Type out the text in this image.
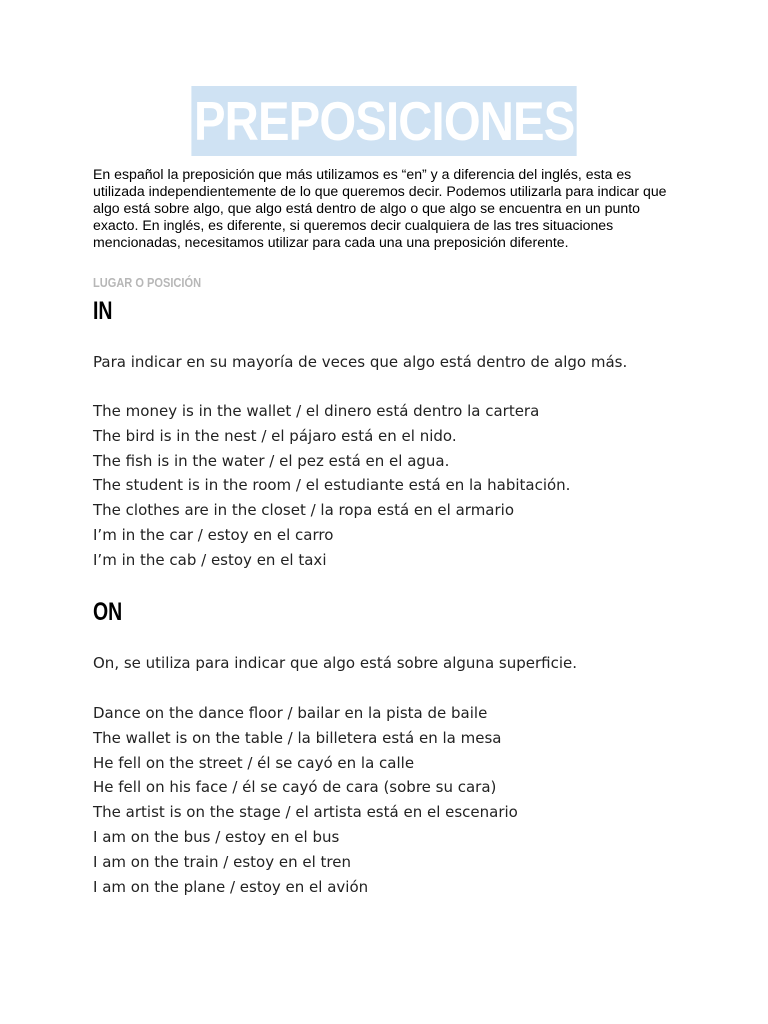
PREPOSICIONES

En español la preposición que más utilizamos es “en” y a diferencia del inglés, esta es utilizada independientemente de lo que queremos decir. Podemos utilizarla para indicar que algo está sobre algo, que algo está dentro de algo o que algo se encuentra en un punto exacto. En inglés, es diferente, si queremos decir cualquiera de las tres situaciones mencionadas, necesitamos utilizar para cada una una preposición diferente.

LUGAR O POSICIÓN
IN

Para indicar en su mayoría de veces que algo está dentro de algo más.

The money is in the wallet / el dinero está dentro la cartera
The bird is in the nest / el pájaro está en el nido.
The fish is in the water / el pez está en el agua.
The student is in the room / el estudiante está en la habitación.
The clothes are in the closet / la ropa está en el armario
I’m in the car / estoy en el carro
I’m in the cab / estoy en el taxi
ON

On, se utiliza para indicar que algo está sobre alguna superficie.

Dance on the dance floor / bailar en la pista de baile
The wallet is on the table / la billetera está en la mesa
He fell on the street / él se cayó en la calle
He fell on his face / él se cayó de cara (sobre su cara)
The artist is on the stage / el artista está en el escenario
I am on the bus / estoy en el bus
I am on the train / estoy en el tren
I am on the plane / estoy en el avión
